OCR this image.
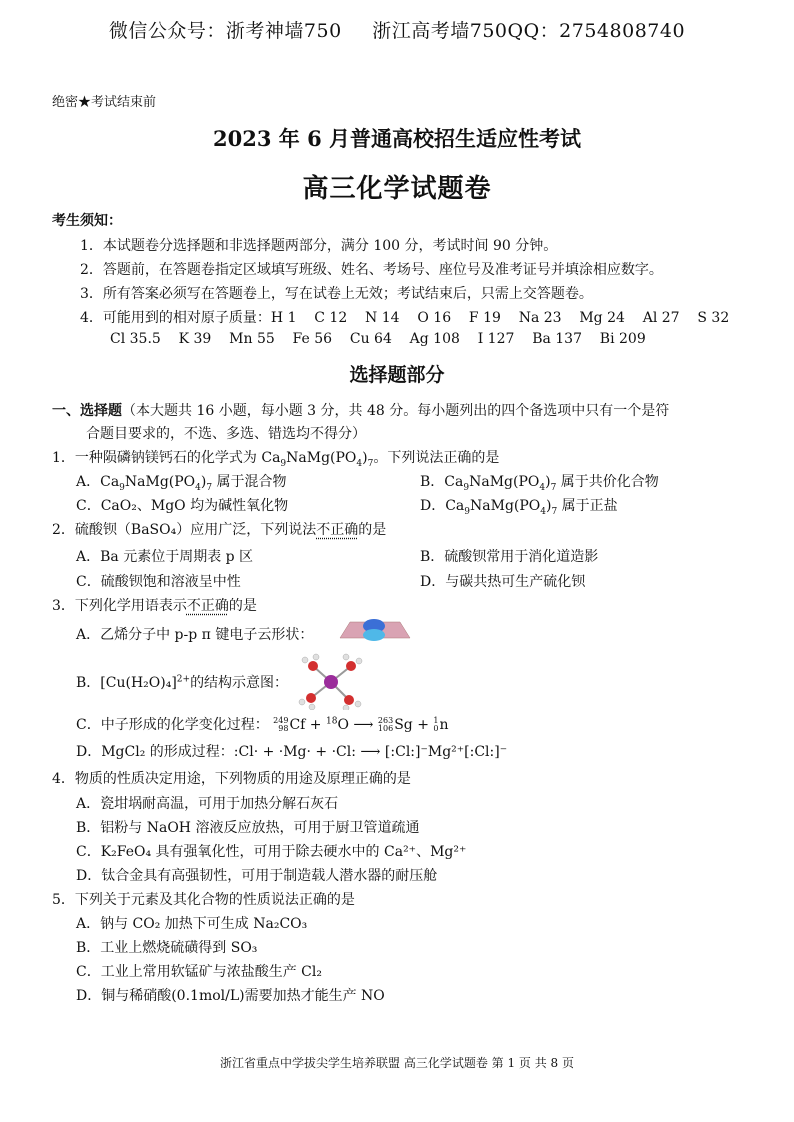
微信公众号：浙考神墙750 浙江高考墙750QQ：2754808740
绝密★考试结束前
2023 年 6 月普通高校招生适应性考试
高三化学试题卷
考生须知：
1．本试题卷分选择题和非选择题两部分，满分 100 分，考试时间 90 分钟。
2．答题前，在答题卷指定区域填写班级、姓名、考场号、座位号及准考证号并填涂相应数字。
3．所有答案必须写在答题卷上，写在试卷上无效；考试结束后，只需上交答题卷。
4．可能用到的相对原子质量：H 1    C 12    N 14    O 16    F 19    Na 23    Mg 24    Al 27    S 32
Cl 35.5    K 39    Mn 55    Fe 56    Cu 64    Ag 108    I 127    Ba 137    Bi 209
选择题部分
一、选择题（本大题共 16 小题，每小题 3 分，共 48 分。每小题列出的四个备选项中只有一个是符
合题目要求的，不选、多选、错选均不得分）
1．一种陨磷钠镁钙石的化学式为 $Ca_9NaMg(PO_4)_7$。下列说法正确的是
A．$Ca_9NaMg(PO_4)_7$ 属于混合物	B．$Ca_9NaMg(PO_4)_7$ 属于共价化合物
C．CaO₂、MgO 均为碱性氧化物	D．$Ca_9NaMg(PO_4)_7$ 属于正盐
2．硫酸钡（BaSO₄）应用广泛，下列说法不正确的是
A．Ba 元素位于周期表 p 区	B．硫酸钡常用于消化道造影
C．硫酸钡饱和溶液呈中性	D．与碳共热可生产硫化钡
3．下列化学用语表示不正确的是
A．乙烯分子中 p-p π 键电子云形状：
B．$[Cu(H_2O)_4]^{2+}$的结构示意图：
C．中子形成的化学变化过程： 249
98Cf + $^{18}$O ⟶ 263
106Sg + 1
0n
D．MgCl₂ 的形成过程：:Cl· + ·Mg· + ·Cl: ⟶ [:Cl:]⁻Mg²⁺[:Cl:]⁻
4．物质的性质决定用途，下列物质的用途及原理正确的是
A．瓷坩埚耐高温，可用于加热分解石灰石
B．铝粉与 NaOH 溶液反应放热，可用于厨卫管道疏通
C．K₂FeO₄ 具有强氧化性，可用于除去硬水中的 Ca²⁺、Mg²⁺
D．钛合金具有高强韧性，可用于制造载人潜水器的耐压舱
5．下列关于元素及其化合物的性质说法正确的是
A．钠与 CO₂ 加热下可生成 Na₂CO₃
B．工业上燃烧硫磺得到 SO₃
C．工业上常用软锰矿与浓盐酸生产 Cl₂
D．铜与稀硝酸(0.1mol/L)需要加热才能生产 NO
浙江省重点中学拔尖学生培养联盟 高三化学试题卷 第 1 页 共 8 页
